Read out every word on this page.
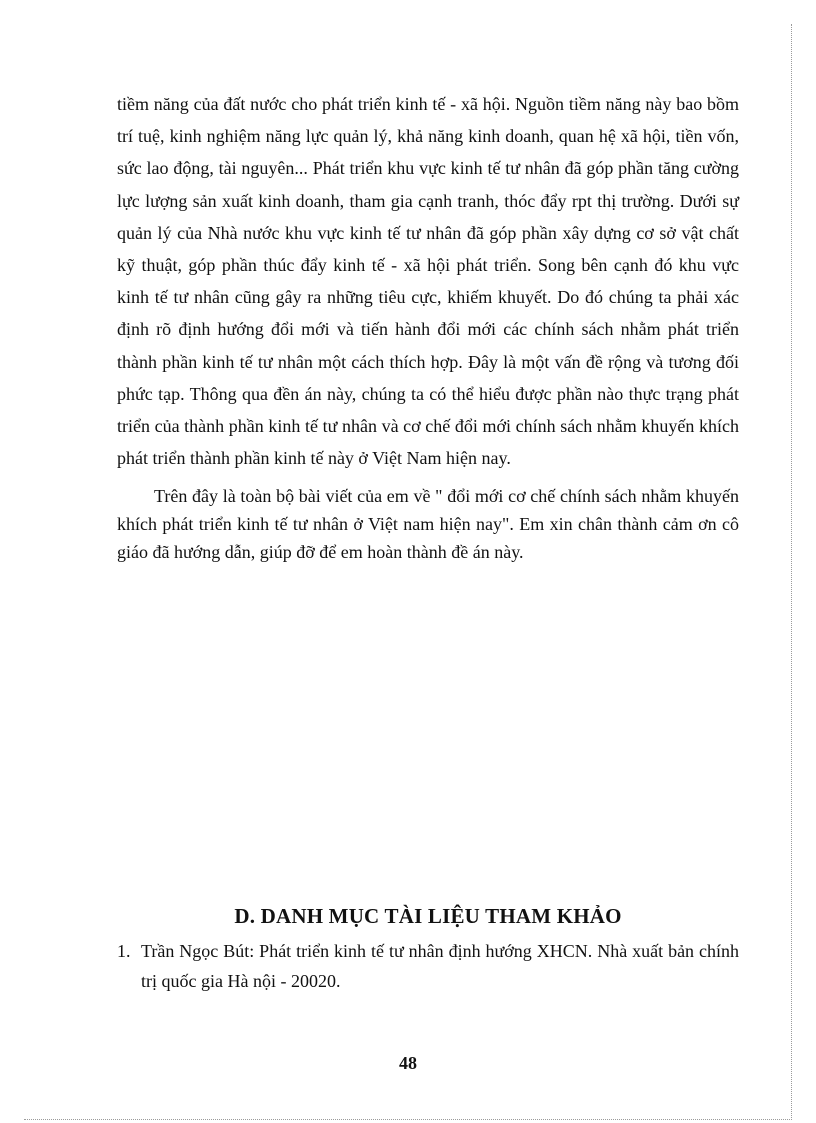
tiềm năng của đất nước cho phát triển kinh tế - xã hội. Nguồn tiềm năng này bao bồm trí tuệ, kinh nghiệm năng lực quản lý, khả năng kinh doanh, quan hệ xã hội, tiền vốn, sức lao động, tài nguyên... Phát triển khu vực kinh tế tư nhân đã góp phần tăng cường lực lượng sản xuất kinh doanh, tham gia cạnh tranh, thóc đẩy rpt thị trường. Dưới sự quản lý của Nhà nước khu vực kinh tế tư nhân đã góp phần xây dựng cơ sở vật chất kỹ thuật, góp phần thúc đẩy kinh tế - xã hội phát triển. Song bên cạnh đó khu vực kinh tế tư nhân cũng gây ra những tiêu cực, khiếm khuyết. Do đó chúng ta phải xác định rõ định hướng đổi mới và tiến hành đổi mới các chính sách nhằm phát triển thành phần kinh tế tư nhân một cách thích hợp. Đây là một vấn đề rộng và tương đối phức tạp. Thông qua đền án này, chúng ta có thể hiểu được phần nào thực trạng phát triển của thành phần kinh tế tư nhân và cơ chế đổi mới chính sách nhằm khuyến khích phát triển thành phần kinh tế này ở Việt Nam hiện nay.

Trên đây là toàn bộ bài viết của em về " đổi mới cơ chế chính sách nhằm khuyến khích phát triển kinh tế tư nhân ở Việt nam hiện nay". Em xin chân thành cảm ơn cô giáo đã hướng dẫn, giúp đỡ để em hoàn thành đề án này.

D. DANH MỤC TÀI LIỆU THAM KHẢO
1. Trần Ngọc Bút: Phát triển kinh tế tư nhân định hướng XHCN. Nhà xuất bản chính trị quốc gia Hà nội - 20020.
48
